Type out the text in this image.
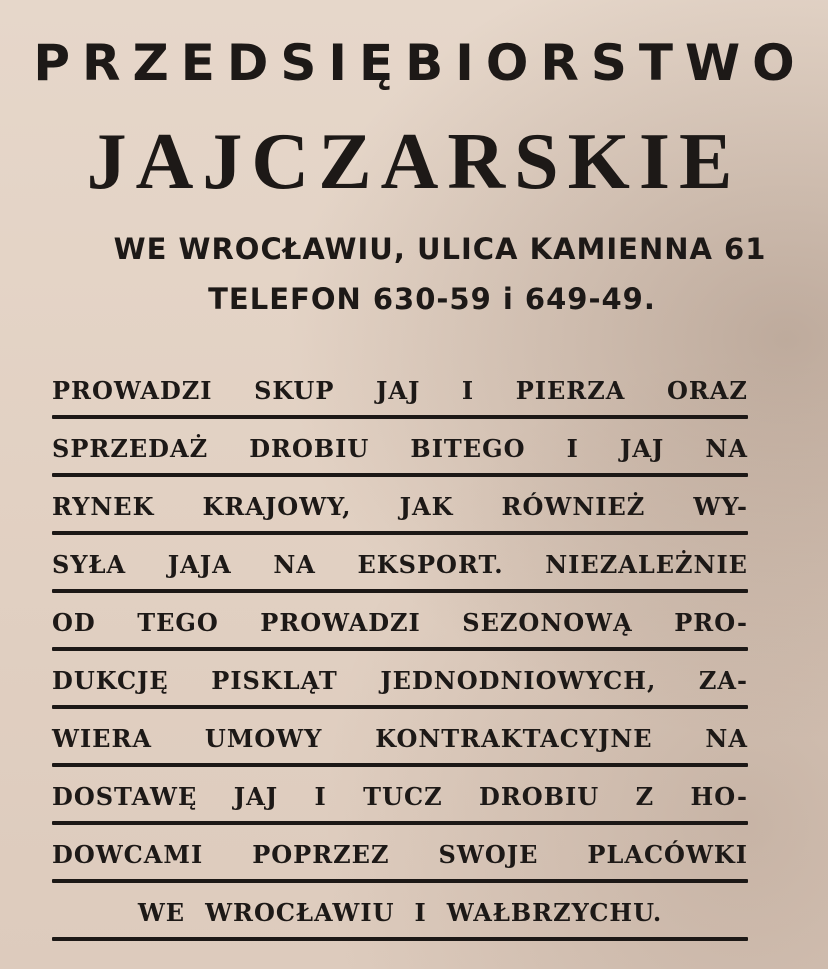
PRZEDSIĘBIORSTWO
JAJCZARSKIE
WE WROCŁAWIU, ULICA KAMIENNA 61
TELEFON 630-59 i 649-49.
PROWADZI SKUP JAJ I PIERZA ORAZ
SPRZEDAŻ DROBIU BITEGO I JAJ NA
RYNEK KRAJOWY, JAK RÓWNIEŻ WY-
SYŁA JAJA NA EKSPORT. NIEZALEŻNIE
OD TEGO PROWADZI SEZONOWĄ PRO-
DUKCJĘ PISKLĄT JEDNODNIOWYCH, ZA-
WIERA UMOWY KONTRAKTACYJNE NA
DOSTAWĘ JAJ I TUCZ DROBIU Z HO-
DOWCAMI POPRZEZ SWOJE PLACÓWKI
WE WROCŁAWIU I WAŁBRZYCHU.
